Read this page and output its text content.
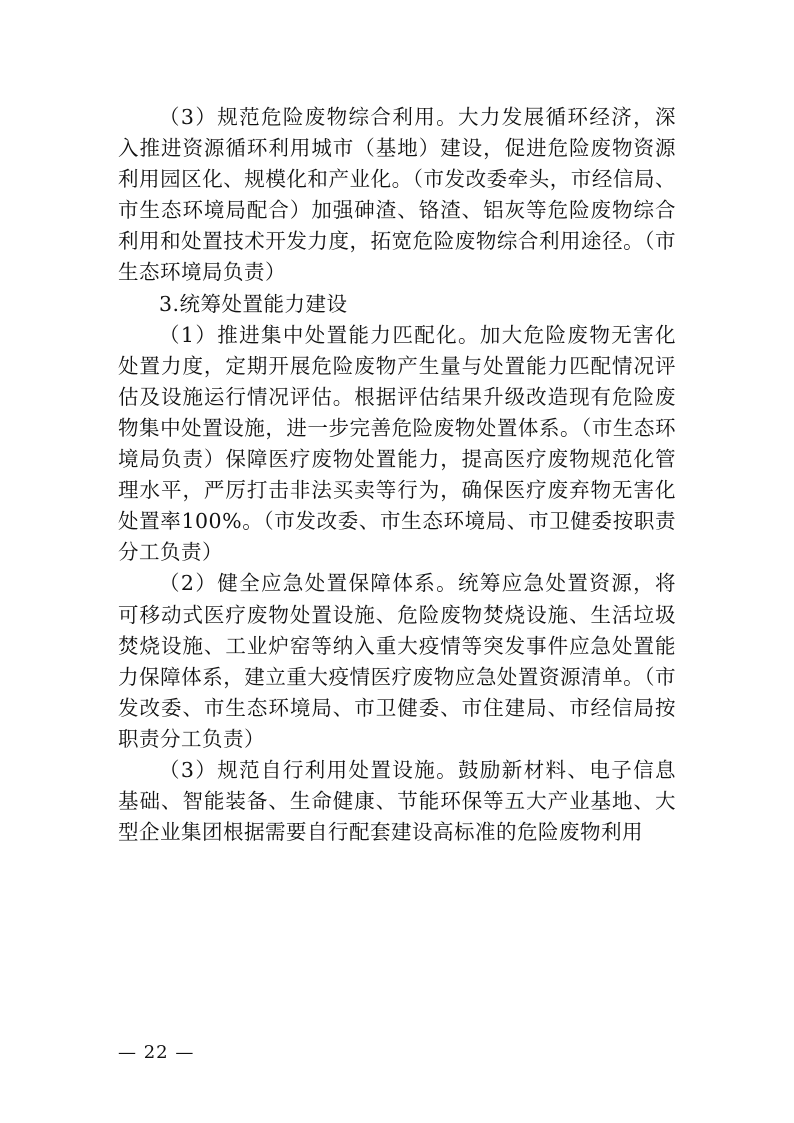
（3）规范危险废物综合利用。大力发展循环经济，深入推进资源循环利用城市（基地）建设，促进危险废物资源利用园区化、规模化和产业化。（市发改委牵头，市经信局、市生态环境局配合）加强砷渣、铬渣、铝灰等危险废物综合利用和处置技术开发力度，拓宽危险废物综合利用途径。（市生态环境局负责）

3.统筹处置能力建设

（1）推进集中处置能力匹配化。加大危险废物无害化处置力度，定期开展危险废物产生量与处置能力匹配情况评估及设施运行情况评估。根据评估结果升级改造现有危险废物集中处置设施，进一步完善危险废物处置体系。（市生态环境局负责）保障医疗废物处置能力，提高医疗废物规范化管理水平，严厉打击非法买卖等行为，确保医疗废弃物无害化处置率100%。（市发改委、市生态环境局、市卫健委按职责分工负责）

（2）健全应急处置保障体系。统筹应急处置资源，将可移动式医疗废物处置设施、危险废物焚烧设施、生活垃圾焚烧设施、工业炉窑等纳入重大疫情等突发事件应急处置能力保障体系，建立重大疫情医疗废物应急处置资源清单。（市发改委、市生态环境局、市卫健委、市住建局、市经信局按职责分工负责）

（3）规范自行利用处置设施。鼓励新材料、电子信息基础、智能装备、生命健康、节能环保等五大产业基地、大型企业集团根据需要自行配套建设高标准的危险废物利用

— 22 —
